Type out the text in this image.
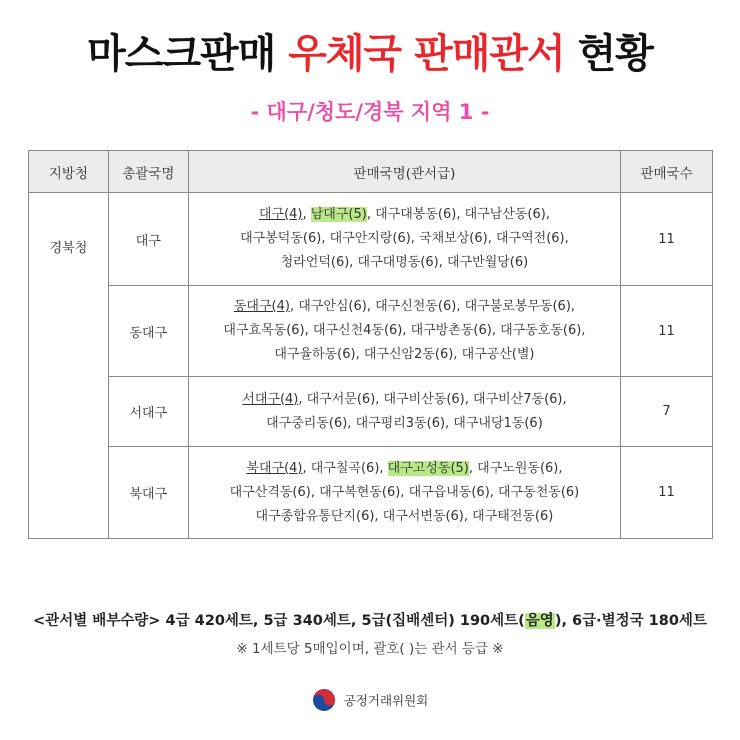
마스크판매 우체국 판매관서 현황
- 대구/청도/경북 지역 1 -
지방청	총괄국명	판매국명(관서급)	판매국수
경북청	대구	대구(4), 남대구(5), 대구대봉동(6), 대구남산동(6),
대구봉덕동(6), 대구안지랑(6), 국채보상(6), 대구역전(6),
청라언덕(6), 대구대명동(6), 대구반월당(6)	11
	동대구	동대구(4), 대구안심(6), 대구신천동(6), 대구불로봉무동(6),
대구효목동(6), 대구신천4동(6), 대구방촌동(6), 대구동호동(6),
대구율하동(6), 대구신암2동(6), 대구공산(별)	11
	서대구	서대구(4), 대구서문(6), 대구비산동(6), 대구비산7동(6),
대구중리동(6), 대구평리3동(6), 대구내당1동(6)	7
	북대구	북대구(4), 대구칠곡(6), 대구고성동(5), 대구노원동(6),
대구산격동(6), 대구복현동(6), 대구읍내동(6), 대구동천동(6)
대구종합유통단지(6), 대구서변동(6), 대구태전동(6)	11
<관서별 배부수량> 4급 420세트, 5급 340세트, 5급(집배센터) 190세트(음영), 6급·별정국 180세트
※ 1세트당 5매입이며, 괄호( )는 관서 등급 ※
공정거래위원회
